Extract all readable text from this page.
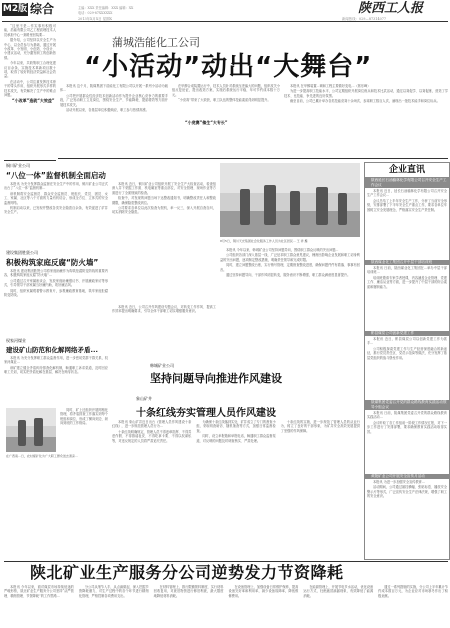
M2版 综合	主编：XXX 责任编辑：XXX 编辑：XX
电话：029-87XXXXXX
2013年X月X日 星期X
陕西工人报
新闻热线：029—87314077

“这里不是...作实事有积极可能，浩能有限公司乙工程质理技术人员承担中心一套路里回装要...

据介绍，公司坚持以安全生产为中心，以全员参与为基础，通过开展小改革、小发明、小创造、小设计、小建议活动，充分激发职工的创新热情。

今年以来，共收集职工合理化建议百余条，实施技术革新项目数十项，取得了较好的经济效益和社会效益。

在活动中，公司注重发挥技术骨干的带头作用，组织开展形式多样的技术攻关，有效解决了生产中的难点问题。

“小改革”造就“大效益”
蒲城浩能化工公司
“小活动”动出“大舞台”

本报讯 这个月，陕煤集团下浩能化工有限公司以开展一系列小活动为载体...

公司把开展群众性经济技术创新活动作为提升企业核心竞争力的重要手段，广泛发动职工立足岗位，围绕安全生产、节能降耗、提质增效等方面开展技术攻关。

活动开展以来，各基层单位积极响应，职工参与热情高涨。

在甲醇合成装置运行中，技术人员针对系统压差偏大的问题，组织攻关小组反复论证，提出改造方案，实施后系统运行平稳，年可节约成本数十万元。

“小竞赛”带来了大收获，职工队伍的整体技能素质得到明显提升。

“小竞赛”催生“大专长”

本报讯 在甲醇装置...调和工程主要做好变电...（郭东峰）

为进一步提高职工技能水平，公司定期组织开展岗位练兵和技术比武活动，通过以赛促学、以赛促练，营造了学技术、比技能、争先进的良好氛围。

截至目前，公司已累计举办各类技能竞赛十余场次，参赛职工数百人次，涌现出一批技术能手和岗位标兵。

8月5日，铜川天光集团社会化服务工作人员为社区居民... 王 祥 摄
企业直讯
陕西延长石油榆林化学有限公司召开安全生产工作会议

本报讯 近日，延长石油榆林化学有限公司召开安全生产工作会议...

会议总结了上半年安全生产工作，分析了当前安全形势，安排部署了下半年安全生产重点工作，要求各单位牢固树立安全发展理念，严格落实安全生产责任制。

陕西煤业化工集团召开中层干部培训班

本报讯 日前，陕西煤业化工集团在...举办中层干部培训班...

培训班邀请专家学者授课，内容涵盖企业管理、党建工作、廉洁从业等方面，进一步提升了中层干部的综合素质和履职能力。

彬县煤炭公司创新党建工作

本报讯 近日，彬县煤炭公司以创新党建工作为抓手...

公司积极探索党建工作与生产经营深度融合的新途径，推行党员责任区、党员示范岗等做法，充分发挥了基层党组织的战斗堡垒作用。

陕煤集团党委召开党的群众路线教育实践活动领导小组会议

本报讯 日前，陕煤集团党委召开党的群众路线教育实践活动...

会议听取了各工作组前一阶段工作情况汇报，对下一步工作进行了安排部署，要求确保教育实践活动取得实效。

黄陵矿业公司开展安全宣传月活动

本报讯 为进一步加强安全宣传教育...

活动期间，公司通过悬挂横幅、张贴标语、播放安全警示片等形式，广泛宣传安全生产法律法规，增强了职工的安全意识。

铜川矿业公司
“八位一体”监督机制全面启动

本报讯 为充分发挥群众监督在安全生产中的作用，铜川矿业公司正式出台了“八位一体”监督机制...

该机制将安全监督员、群众安全监督员、班组长、党员、团员、女工、家属、社区等八个方面的力量有机结合，形成全方位、立体式的安全监督网络。

机制启动以来，已发现并整改各类安全隐患百余条，有效促进了矿井安全生产。

建设集团胜贤公司
积极构筑家庭反腐“防火墙”

本报讯 建设集团胜贤公司将家庭助廉作为构筑拒腐防变防线的重要内容，积极构筑家庭反腐“防火墙”...

公司通过召开家属座谈会、发放家庭助廉倡议书、开展廉政家访等形式，引导领导干部家属当好廉内助，吹好廉洁风。

同时，组织家属观看警示教育片，参观廉政教育基地，筑牢家庭拒腐防变防线。

权家河煤业
建设矿山防范和化解网络矛盾...

本报讯 为充分发挥职工群众监督作用，进一步密切党群干群关系，权家河煤业...

该矿建立健全矛盾纠纷排查化解机制，畅通职工诉求渠道，及时回应职工关切，切实把矛盾化解在基层、解决在萌芽状态。

同时，矿上还组织开展网格化管理，将矛盾排查工作落实到每个班组和岗位，形成了横向到边、纵向到底的工作格局。

在广西南...日，农村煤矿化为广大职工群众送去清凉...

本报讯 近日，铜川矿业公司组织开展了安全生产大检查活动，检查组深入井下采掘工作面、机电硐室等重点部位，对安全管理、现场作业等方面进行了全面细致的检查。

检查中，对发现的问题当场下达整改通知书，明确整改责任人和整改期限，确保隐患整改到位。

公司要求各单位以此次检查为契机，举一反三，深入开展自查自纠，切实消除安全隐患。

本报讯 近日，公司召开作风建设专题会议，对转变工作作风、提高工作效率提出明确要求，引导全体干部职工切实增强服务意识。

韩城矿业公司
坚持问题导向推进作风建设

本报讯 今年以来，韩城矿业公司坚持问题导向，围绕职工群众反映的突出问题...

公司组织各部门深入基层一线，广泛征求职工群众意见建议，梳理出影响企业发展和职工切身利益的突出问题，逐项制定整改措施，明确责任领导和完成时限。

同时，建立问题整改台账，实行销号管理，定期督查整改进度，确保问题件件有着落、事事有回音。

通过坚持问题导向，干部作风明显转变，服务意识不断增强，职工群众满意度显著提升。

象山矿井
十条红线夯实管理人员作风建设

本报讯 象山矿井近日出台《管理人员作风建设十条红线》，进一步规范管理人员行为...

十条红线明确规定，管理人员不得违章指挥、不得弄虚作假、不得推诿扯皮、不得吃拿卡要、不得以权谋私等，对违反规定的人员将严肃追究责任。

为确保十条红线落到实处，矿井成立了专门的督查小组，采取明查暗访、随机抽查等方式，加强日常监督检查。

同时，设立举报箱和举报电话，畅通职工群众监督渠道，对反映的问题及时调查核实、严肃处理。

十条红线的实施，进一步规范了管理人员的从业行为，树立了良好的干部形象，为矿井安全高效发展提供了坚强的作风保障。

陕北矿业生产服务分公司逆势发力节资降耗

本报讯 今年以来，面对煤炭市场持续低迷的严峻形势，陕北矿业生产服务分公司坚持“从严管理、精细管理、节资降耗”的工作思路...

分公司从细节入手，从点滴做起，深入挖掘节资降耗潜力，对生产过程中的各个环节进行精细化管理，严格控制各项费用支出。

在材料管理上，推行限额领料制度，实行材料回收复用，对废旧物资进行修旧利废，最大限度地降低材料消耗。

在设备管理上，加强设备日常维护保养，提高设备完好率和利用率，减少设备故障率，降低维修费用。

在能源管理上，开展节电节水活动，优化设备运行方式，杜绝跑冒滴漏现象，有效降低了能源消耗。

通过一系列措施的实施，分公司上半年累计节约成本数百万元，为企业应对市场寒冬作出了积极贡献。
